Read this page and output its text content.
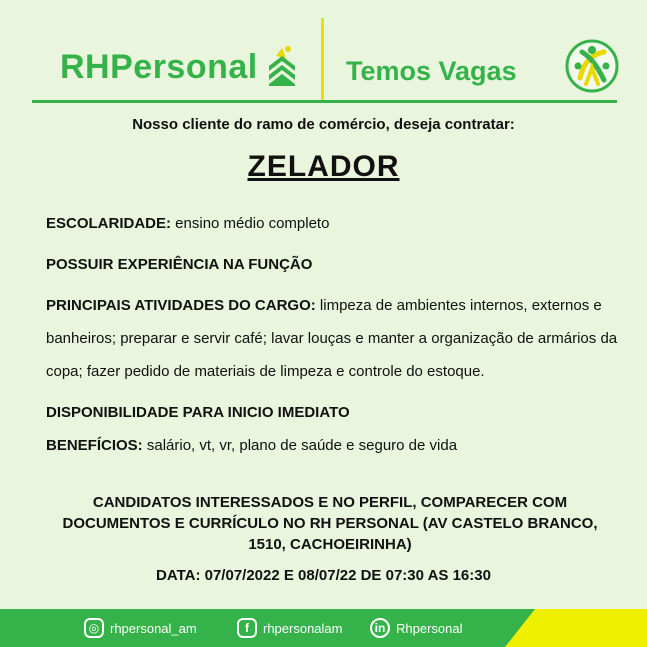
RHPersonal	Temos Vagas
Nosso cliente do ramo de comércio, deseja contratar:
ZELADOR

ESCOLARIDADE: ensino médio completo

POSSUIR EXPERIÊNCIA NA FUNÇÃO

PRINCIPAIS ATIVIDADES DO CARGO: limpeza de ambientes internos, externos e banheiros; preparar e servir café; lavar louças e manter a organização de armários da copa; fazer pedido de materiais de limpeza e controle do estoque.

DISPONIBILIDADE PARA INICIO IMEDIATO

BENEFÍCIOS: salário, vt, vr, plano de saúde e seguro de vida

CANDIDATOS INTERESSADOS E NO PERFIL, COMPARECER COM DOCUMENTOS E CURRÍCULO NO RH PERSONAL (AV CASTELO BRANCO, 1510, CACHOEIRINHA)
DATA: 07/07/2022 E 08/07/22 DE 07:30 AS 16:30
◎ rhpersonal_am	f	rhpersonalam	in Rhpersonal
